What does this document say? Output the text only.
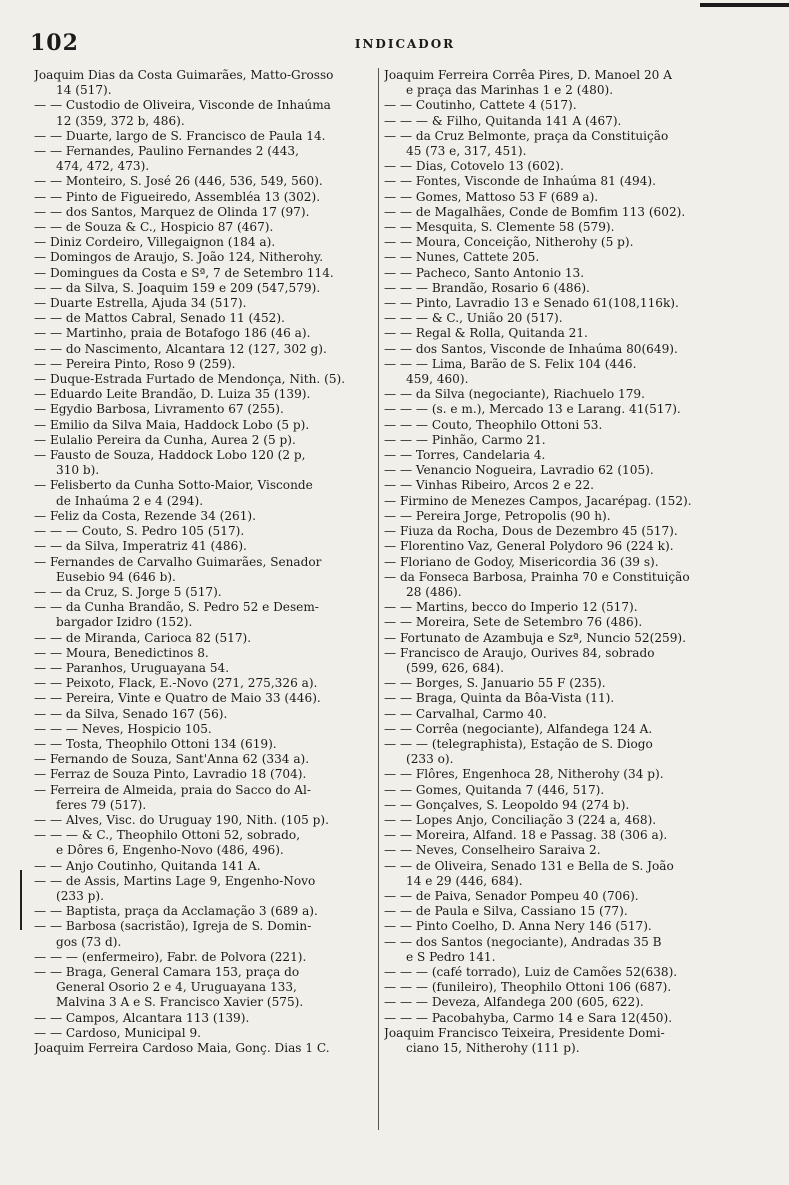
102	INDICADOR
Joaquim Dias da Costa Guimarães, Matto-Grosso
14 (517).
— — Custodio de Oliveira, Visconde de Inhaúma
12 (359, 372 b, 486).
— — Duarte, largo de S. Francisco de Paula 14.
— — Fernandes, Paulino Fernandes 2 (443,
474, 472, 473).
— — Monteiro, S. José 26 (446, 536, 549, 560).
— — Pinto de Figueiredo, Assembléa 13 (302).
— — dos Santos, Marquez de Olinda 17 (97).
— — de Souza & C., Hospicio 87 (467).
— Diniz Cordeiro, Villegaignon (184 a).
— Domingos de Araujo, S. João 124, Nitherohy.
— Domingues da Costa e Sª, 7 de Setembro 114.
— — da Silva, S. Joaquim 159 e 209 (547,579).
— Duarte Estrella, Ajuda 34 (517).
— — de Mattos Cabral, Senado 11 (452).
— — Martinho, praia de Botafogo 186 (46 a).
— — do Nascimento, Alcantara 12 (127, 302 g).
— — Pereira Pinto, Roso 9 (259).
— Duque-Estrada Furtado de Mendonça, Nith. (5).
— Eduardo Leite Brandão, D. Luiza 35 (139).
— Egydio Barbosa, Livramento 67 (255).
— Emilio da Silva Maia, Haddock Lobo (5 p).
— Eulalio Pereira da Cunha, Aurea 2 (5 p).
— Fausto de Souza, Haddock Lobo 120 (2 p,
310 b).
— Felisberto da Cunha Sotto-Maior, Visconde
de Inhaúma 2 e 4 (294).
— Feliz da Costa, Rezende 34 (261).
— — — Couto, S. Pedro 105 (517).
— — da Silva, Imperatriz 41 (486).
— Fernandes de Carvalho Guimarães, Senador
Eusebio 94 (646 b).
— — da Cruz, S. Jorge 5 (517).
— — da Cunha Brandão, S. Pedro 52 e Desem-
bargador Izidro (152).
— — de Miranda, Carioca 82 (517).
— — Moura, Benedictinos 8.
— — Paranhos, Uruguayana 54.
— — Peixoto, Flack, E.-Novo (271, 275,326 a).
— — Pereira, Vinte e Quatro de Maio 33 (446).
— — da Silva, Senado 167 (56).
— — — Neves, Hospicio 105.
— — Tosta, Theophilo Ottoni 134 (619).
— Fernando de Souza, Sant'Anna 62 (334 a).
— Ferraz de Souza Pinto, Lavradio 18 (704).
— Ferreira de Almeida, praia do Sacco do Al-
feres 79 (517).
— — Alves, Visc. do Uruguay 190, Nith. (105 p).
— — — & C., Theophilo Ottoni 52, sobrado,
e Dôres 6, Engenho-Novo (486, 496).
— — Anjo Coutinho, Quitanda 141 A.
— — de Assis, Martins Lage 9, Engenho-Novo
(233 p).
— — Baptista, praça da Acclamação 3 (689 a).
— — Barbosa (sacristão), Igreja de S. Domin-
gos (73 d).
— — — (enfermeiro), Fabr. de Polvora (221).
— — Braga, General Camara 153, praça do
General Osorio 2 e 4, Uruguayana 133,
Malvina 3 A e S. Francisco Xavier (575).
— — Campos, Alcantara 113 (139).
— — Cardoso, Municipal 9.
Joaquim Ferreira Cardoso Maia, Gonç. Dias 1 C.
Joaquim Ferreira Corrêa Pires, D. Manoel 20 A
e praça das Marinhas 1 e 2 (480).
— — Coutinho, Cattete 4 (517).
— — — & Filho, Quitanda 141 A (467).
— — da Cruz Belmonte, praça da Constituição
45 (73 e, 317, 451).
— — Dias, Cotovelo 13 (602).
— — Fontes, Visconde de Inhaúma 81 (494).
— — Gomes, Mattoso 53 F (689 a).
— — de Magalhães, Conde de Bomfim 113 (602).
— — Mesquita, S. Clemente 58 (579).
— — Moura, Conceição, Nitherohy (5 p).
— — Nunes, Cattete 205.
— — Pacheco, Santo Antonio 13.
— — — Brandão, Rosario 6 (486).
— — Pinto, Lavradio 13 e Senado 61(108,116k).
— — — & C., União 20 (517).
— — Regal & Rolla, Quitanda 21.
— — dos Santos, Visconde de Inhaúma 80(649).
— — — Lima, Barão de S. Felix 104 (446.
459, 460).
— — da Silva (negociante), Riachuelo 179.
— — — (s. e m.), Mercado 13 e Larang. 41(517).
— — — Couto, Theophilo Ottoni 53.
— — — Pinhão, Carmo 21.
— — Torres, Candelaria 4.
— — Venancio Nogueira, Lavradio 62 (105).
— — Vinhas Ribeiro, Arcos 2 e 22.
— Firmino de Menezes Campos, Jacarépag. (152).
— — Pereira Jorge, Petropolis (90 h).
— Fiuza da Rocha, Dous de Dezembro 45 (517).
— Florentino Vaz, General Polydoro 96 (224 k).
— Floriano de Godoy, Misericordia 36 (39 s).
— da Fonseca Barbosa, Prainha 70 e Constituição
28 (486).
— — Martins, becco do Imperio 12 (517).
— — Moreira, Sete de Setembro 76 (486).
— Fortunato de Azambuja e Szª, Nuncio 52(259).
— Francisco de Araujo, Ourives 84, sobrado
(599, 626, 684).
— — Borges, S. Januario 55 F (235).
— — Braga, Quinta da Bôa-Vista (11).
— — Carvalhal, Carmo 40.
— — Corrêa (negociante), Alfandega 124 A.
— — — (telegraphista), Estação de S. Diogo
(233 o).
— — Flôres, Engenhoca 28, Nitherohy (34 p).
— — Gomes, Quitanda 7 (446, 517).
— — Gonçalves, S. Leopoldo 94 (274 b).
— — Lopes Anjo, Conciliação 3 (224 a, 468).
— — Moreira, Alfand. 18 e Passag. 38 (306 a).
— — Neves, Conselheiro Saraiva 2.
— — de Oliveira, Senado 131 e Bella de S. João
14 e 29 (446, 684).
— — de Paiva, Senador Pompeu 40 (706).
— — de Paula e Silva, Cassiano 15 (77).
— — Pinto Coelho, D. Anna Nery 146 (517).
— — dos Santos (negociante), Andradas 35 B
e S Pedro 141.
— — — (café torrado), Luiz de Camões 52(638).
— — — (funileiro), Theophilo Ottoni 106 (687).
— — — Deveza, Alfandega 200 (605, 622).
— — — Pacobahyba, Carmo 14 e Sara 12(450).
Joaquim Francisco Teixeira, Presidente Domi-
ciano 15, Nitherohy (111 p).
